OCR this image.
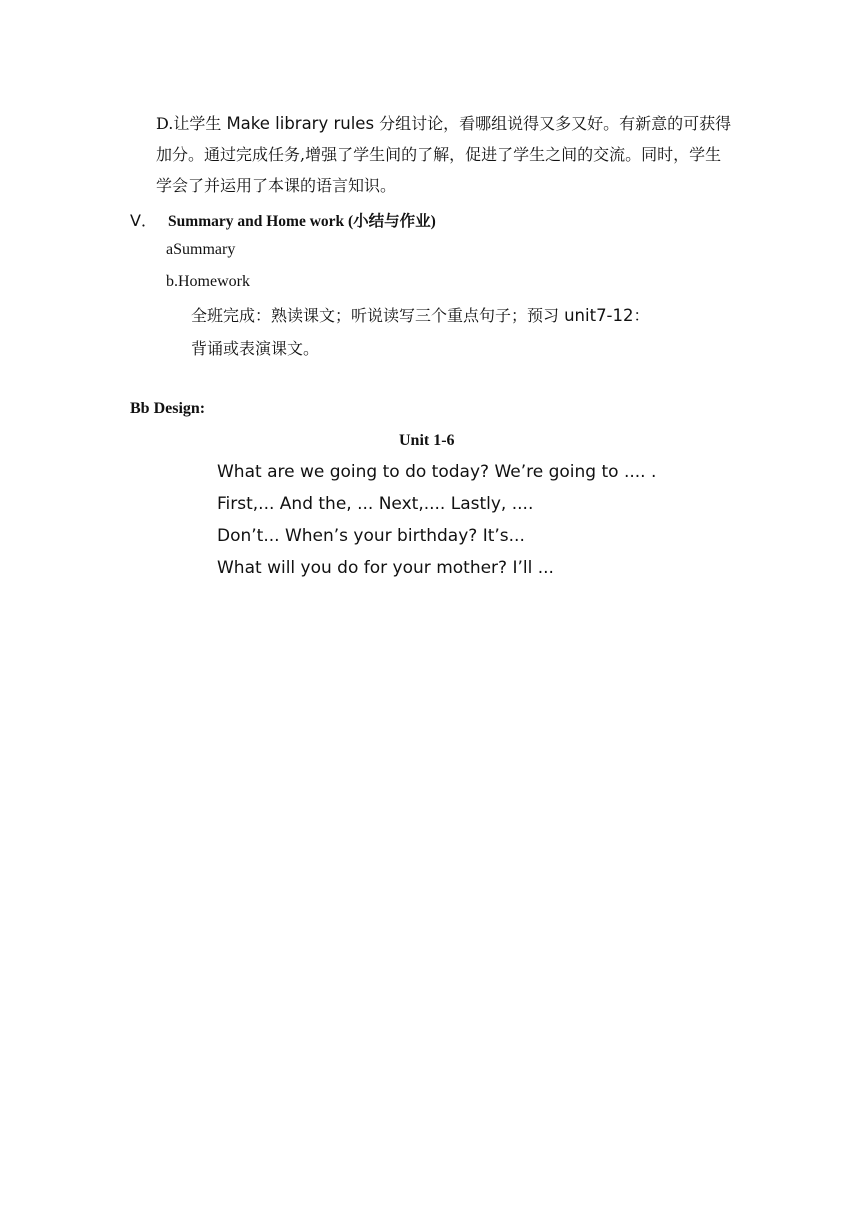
D.让学生 Make library rules 分组讨论，看哪组说得又多又好。有新意的可获得加分。通过完成任务,增强了学生间的了解，促进了学生之间的交流。同时，学生学会了并运用了本课的语言知识。
Ⅴ． Summary and Home work (小结与作业)
aSummary
b.Homework
全班完成：熟读课文；听说读写三个重点句子；预习 unit7-12：
背诵或表演课文。
Bb Design:
Unit 1-6
What are we going to do today? We’re going to .... .
First,... And the, ... Next,.... Lastly, ....
Don’t... When’s your birthday? It’s...
What will you do for your mother? I’ll ...
